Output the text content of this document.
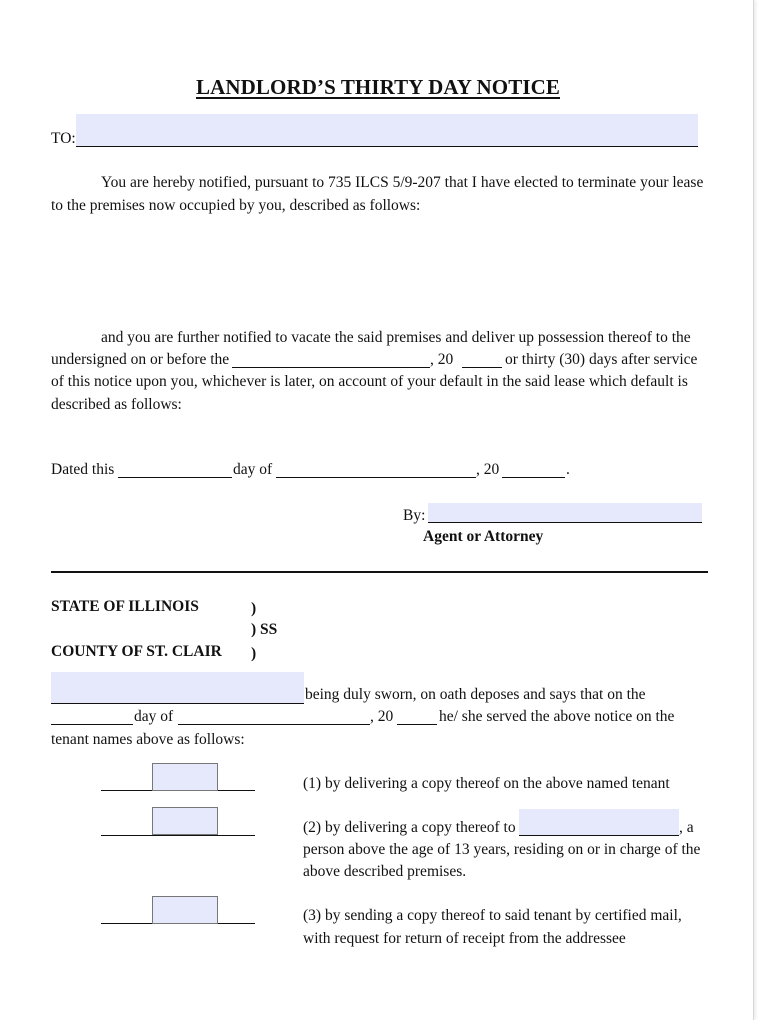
LANDLORD’S THIRTY DAY NOTICE
TO:
You are hereby notified, pursuant to 735 ILCS 5/9-207 that I have elected to terminate your lease
to the premises now occupied by you, described as follows:
and you are further notified to vacate the said premises and deliver up possession thereof to the
undersigned on or before the	, 20	or thirty (30) days after service
of this notice upon you, whichever is later, on account of your default in the said lease which default is
described as follows:
Dated this	day of	, 20	.
By:
Agent or Attorney
STATE OF ILLINOIS	)
) SS
COUNTY OF ST. CLAIR )
being duly sworn, on oath deposes and says that on the
day of	, 20	he/ she served the above notice on the
tenant names above as follows:
(1) by delivering a copy thereof on the above named tenant
(2) by delivering a copy thereof to	, a
person above the age of 13 years, residing on or in charge of the
above described premises.
(3) by sending a copy thereof to said tenant by certified mail,
with request for return of receipt from the addressee
